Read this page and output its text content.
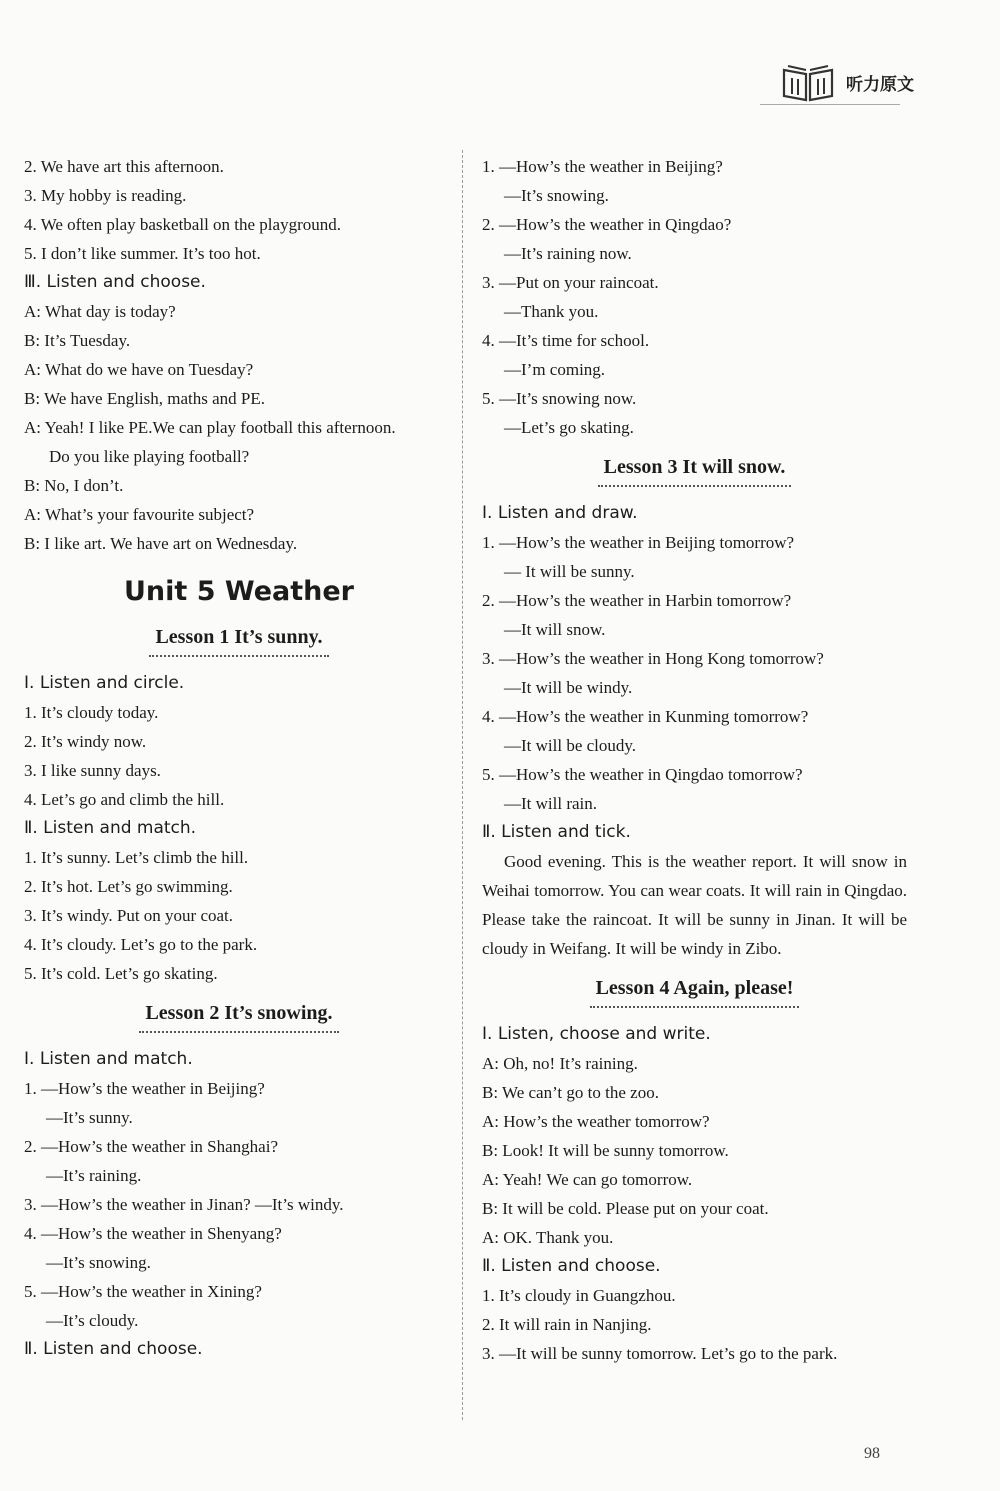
听力原文
2. We have art this afternoon.
3. My hobby is reading.
4. We often play basketball on the playground.
5. I don’t like summer. It’s too hot.
Ⅲ. Listen and choose.
A: What day is today?
B: It’s Tuesday.
A: What do we have on Tuesday?
B: We have English, maths and PE.
A: Yeah! I like PE.We can play football this afternoon.
Do you like playing football?
B: No, I don’t.
A: What’s your favourite subject?
B: I like art. We have art on Wednesday.
Unit 5 Weather
Lesson 1 It’s sunny.
Ⅰ. Listen and circle.
1. It’s cloudy today.
2. It’s windy now.
3. I like sunny days.
4. Let’s go and climb the hill.
Ⅱ. Listen and match.
1. It’s sunny. Let’s climb the hill.
2. It’s hot. Let’s go swimming.
3. It’s windy. Put on your coat.
4. It’s cloudy. Let’s go to the park.
5. It’s cold. Let’s go skating.
Lesson 2 It’s snowing.
Ⅰ. Listen and match.
1. —How’s the weather in Beijing?
—It’s sunny.
2. —How’s the weather in Shanghai?
—It’s raining.
3. —How’s the weather in Jinan? —It’s windy.
4. —How’s the weather in Shenyang?
—It’s snowing.
5. —How’s the weather in Xining?
—It’s cloudy.
Ⅱ. Listen and choose.
1. —How’s the weather in Beijing?
—It’s snowing.
2. —How’s the weather in Qingdao?
—It’s raining now.
3. —Put on your raincoat.
—Thank you.
4. —It’s time for school.
—I’m coming.
5. —It’s snowing now.
—Let’s go skating.
Lesson 3 It will snow.
Ⅰ. Listen and draw.
1. —How’s the weather in Beijing tomorrow?
— It will be sunny.
2. —How’s the weather in Harbin tomorrow?
—It will snow.
3. —How’s the weather in Hong Kong tomorrow?
—It will be windy.
4. —How’s the weather in Kunming tomorrow?
—It will be cloudy.
5. —How’s the weather in Qingdao tomorrow?
—It will rain.
Ⅱ. Listen and tick.
Good evening. This is the weather report. It will snow in Weihai tomorrow. You can wear coats. It will rain in Qingdao. Please take the raincoat. It will be sunny in Jinan. It will be cloudy in Weifang. It will be windy in Zibo.
Lesson 4 Again, please!
Ⅰ. Listen, choose and write.
A: Oh, no! It’s raining.
B: We can’t go to the zoo.
A: How’s the weather tomorrow?
B: Look! It will be sunny tomorrow.
A: Yeah! We can go tomorrow.
B: It will be cold. Please put on your coat.
A: OK. Thank you.
Ⅱ. Listen and choose.
1. It’s cloudy in Guangzhou.
2. It will rain in Nanjing.
3. —It will be sunny tomorrow. Let’s go to the park.
98
